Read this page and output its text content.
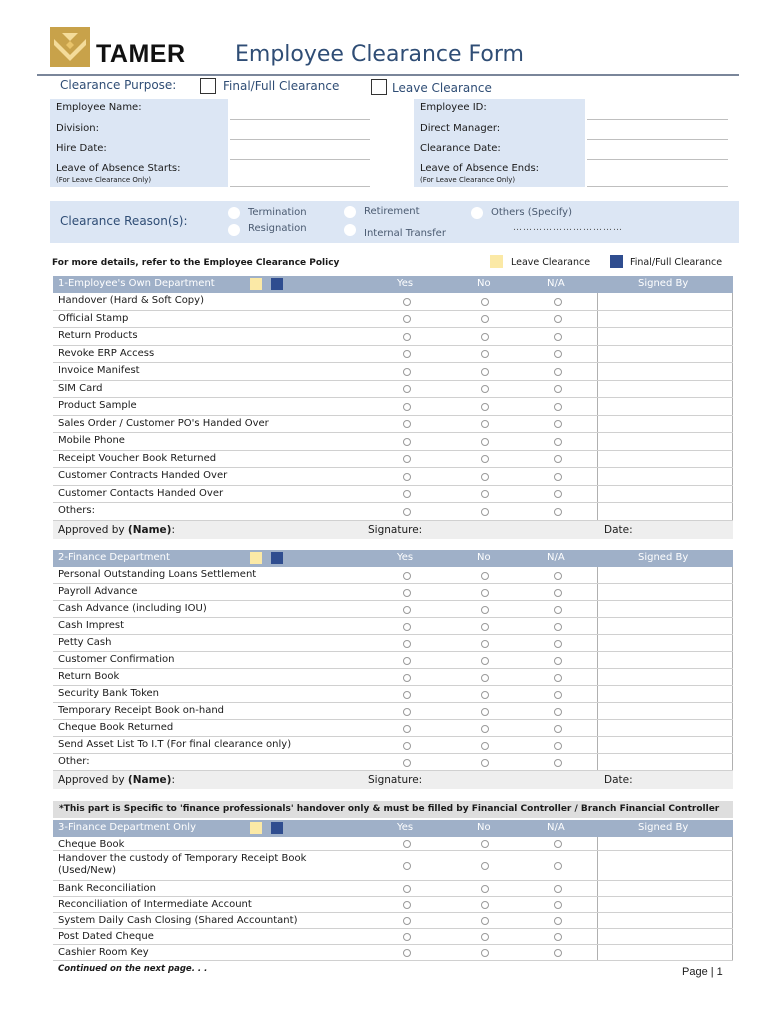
TAMER Employee Clearance Form
Clearance Purpose:	Final/Full Clearance	Leave Clearance
Employee Name:	Employee ID:
Division:	Direct Manager:
Hire Date:	Clearance Date:
Leave of Absence Starts:
(For Leave Clearance Only)
Leave of Absence Ends:
(For Leave Clearance Only)
Clearance Reason(s):
Termination
Resignation
Retirement
Internal Transfer
Others (Specify)
……………………………
For more details, refer to the Employee Clearance Policy	Leave Clearance	Final/Full Clearance
1-Employee's Own Department	Yes	No	N/A	Signed By
Handover (Hard & Soft Copy)
Official Stamp
Return Products
Revoke ERP Access
Invoice Manifest
SIM Card
Product Sample
Sales Order / Customer PO's Handed Over
Mobile Phone
Receipt Voucher Book Returned
Customer Contracts Handed Over
Customer Contacts Handed Over
Others:
Approved by (Name):	Signature:	Date:
2-Finance Department	Yes	No	N/A	Signed By
Personal Outstanding Loans Settlement
Payroll Advance
Cash Advance (including IOU)
Cash Imprest
Petty Cash
Customer Confirmation
Return Book
Security Bank Token
Temporary Receipt Book on-hand
Cheque Book Returned
Send Asset List To I.T (For final clearance only)
Other:
Approved by (Name):	Signature:	Date:
*This part is Specific to 'finance professionals' handover only & must be filled by Financial Controller / Branch Financial Controller
3-Finance Department Only	Yes	No	N/A	Signed By
Cheque Book
Handover the custody of Temporary Receipt Book (Used/New)
Bank Reconciliation
Reconciliation of Intermediate Account
System Daily Cash Closing (Shared Accountant)
Post Dated Cheque
Cashier Room Key
Continued on the next page. . .	Page | 1
